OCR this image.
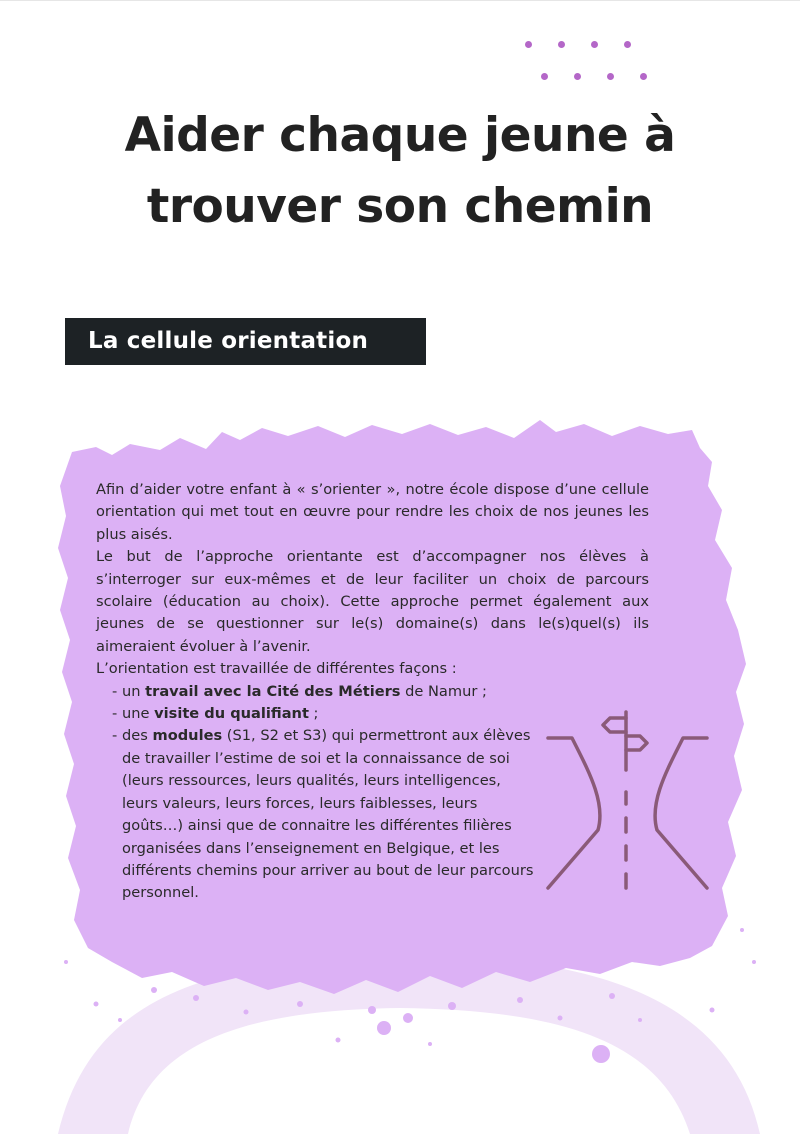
Aider chaque jeune à
trouver son chemin
La cellule orientation

Afin d’aider votre enfant à « s’orienter », notre école dispose d’une cellule orientation qui met tout en œuvre pour rendre les choix de nos jeunes les plus aisés.

Le but de l’approche orientante est d’accompagner nos élèves à s’interroger sur eux-mêmes et de leur faciliter un choix de parcours scolaire (éducation au choix). Cette approche permet également aux jeunes de se questionner sur le(s) domaine(s) dans le(s)quel(s) ils aimeraient évoluer à l’avenir.

L’orientation est travaillée de différentes façons :
- un travail avec la Cité des Métiers de Namur ;
- une visite du qualifiant ;
- des modules (S1, S2 et S3) qui permettront aux élèves de travailler l’estime de soi et la connaissance de soi (leurs ressources, leurs qualités, leurs intelligences, leurs valeurs, leurs forces, leurs faiblesses, leurs goûts…) ainsi que de connaitre les différentes filières organisées dans l’enseignement en Belgique, et les différents chemins pour arriver au bout de leur parcours personnel.
